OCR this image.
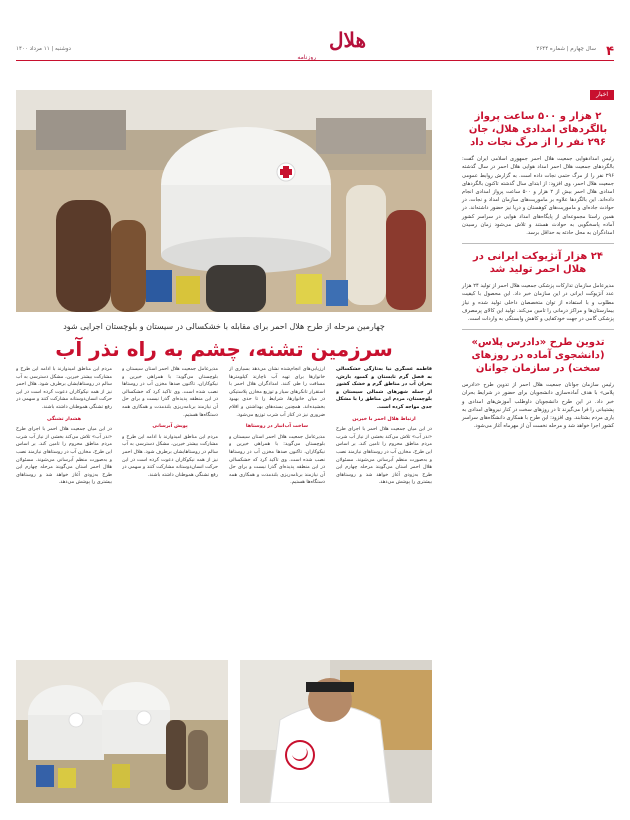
۴
سال چهارم | شماره ۲۶۴۴
هلال
روزنامه
دوشنبه | ۱۱ مرداد ۱۴۰۰
اخبار
۲ هزار و ۵۰۰ ساعت پرواز بالگردهای امدادی هلال، جان ۲۹۶ نفر را از مرگ نجات داد
رئیس امدادهوایی جمعیت هلال احمر جمهوری اسلامی ایران گفت: بالگردهای جمعیت هلال احمر امداد هوایی هلال احمر در سال گذشته ۲۹۶ نفر را از مرگ حتمی نجات داده است. به گزارش روابط عمومی جمعیت هلال احمر، وی افزود: از ابتدای سال گذشته تاکنون بالگردهای امدادی هلال احمر بیش از ۲ هزار و ۵۰۰ ساعت پرواز امدادی انجام داده‌اند. این بالگردها علاوه بر ماموریت‌های سازمان امداد و نجات، در حوادث جاده‌ای و ماموریت‌های کوهستان و دریا نیز حضور داشته‌اند. در همین راستا مجموعه‌ای از پایگاه‌های امداد هوایی در سراسر کشور آماده پاسخگویی به حوادث هستند و تلاش می‌شود زمان رسیدن امدادگران به محل حادثه به حداقل برسد.
۲۴ هزار آنژیوکت ایرانی در هلال احمر تولید شد
مدیرعامل سازمان تدارکات پزشکی جمعیت هلال احمر از تولید ۲۴ هزار عدد آنژیوکت ایرانی در این سازمان خبر داد. این محصول با کیفیت مطلوب و با استفاده از توان متخصصان داخلی تولید شده و نیاز بیمارستان‌ها و مراکز درمانی را تامین می‌کند. تولید این کالای پرمصرف پزشکی گامی در جهت خودکفایی و کاهش وابستگی به واردات است.
تدوین طرح «دادرس پلاس» (دانشجوی آماده در روزهای سخت) در سازمان جوانان
رئیس سازمان جوانان جمعیت هلال احمر از تدوین طرح «دادرس پلاس» با هدف آماده‌سازی دانشجویان برای حضور در شرایط بحران خبر داد. در این طرح دانشجویان داوطلب آموزش‌های امدادی و پشتیبانی را فرا می‌گیرند تا در روزهای سخت در کنار نیروهای امدادی به یاری مردم بشتابند. وی افزود: این طرح با همکاری دانشگاه‌های سراسر کشور اجرا خواهد شد و مرحله نخست آن از مهرماه آغاز می‌شود.
چهارمین مرحله از طرح هلال احمر برای مقابله با خشکسالی در سیستان و بلوچستان اجرایی شود
سرزمین تشنه، چشم به راه نذر آب
فاطمه عسگری نیا به‌تازگی خشکسالی به فصل گرم تابستان و کمبود بارش، بحران آب در مناطق گرم و خشک کشور از جمله شهرهای شمالی سیستان و بلوچستان، مردم این مناطق را با مشکل جدی مواجه کرده است.
ارتباط هلال احمر با خیرین
در این میان جمعیت هلال احمر با اجرای طرح «نذر آب» تلاش می‌کند بخشی از نیاز آب شرب مردم مناطق محروم را تامین کند. بر اساس این طرح، مخازن آب در روستاهای نیازمند نصب و به‌صورت منظم آبرسانی می‌شوند. مسئولان هلال احمر استان می‌گویند مرحله چهارم این طرح به‌زودی آغاز خواهد شد و روستاهای بیشتری را پوشش می‌دهد.
ارزیابی‌های انجام‌شده نشان می‌دهد بسیاری از خانوارها برای تهیه آب ناچارند کیلومترها مسافت را طی کنند. امدادگران هلال احمر با استقرار تانکرهای سیار و توزیع مخازن پلاستیکی در میان خانوارها، شرایط را تا حدی بهبود بخشیده‌اند. همچنین بسته‌های بهداشتی و اقلام ضروری نیز در کنار آب شرب توزیع می‌شود.
ساخت آب‌انبار در روستاها
مدیرعامل جمعیت هلال احمر استان سیستان و بلوچستان می‌گوید: با همراهی خیرین و نیکوکاران، تاکنون صدها مخزن آب در روستاها نصب شده است. وی تاکید کرد که خشکسالی در این منطقه پدیده‌ای گذرا نیست و برای حل آن نیازمند برنامه‌ریزی بلندمدت و همکاری همه دستگاه‌ها هستیم.
مدیرعامل جمعیت هلال احمر استان سیستان و بلوچستان می‌گوید: با همراهی خیرین و نیکوکاران، تاکنون صدها مخزن آب در روستاها نصب شده است. وی تاکید کرد که خشکسالی در این منطقه پدیده‌ای گذرا نیست و برای حل آن نیازمند برنامه‌ریزی بلندمدت و همکاری همه دستگاه‌ها هستیم.
پویش آبرسانی
مردم این مناطق امیدوارند با ادامه این طرح و مشارکت بیشتر خیرین، مشکل دسترسی به آب سالم در روستاهایشان برطرف شود. هلال احمر نیز از همه نیکوکاران دعوت کرده است در این حرکت انسان‌دوستانه مشارکت کنند و سهمی در رفع تشنگی هموطنان داشته باشند.
مردم این مناطق امیدوارند با ادامه این طرح و مشارکت بیشتر خیرین، مشکل دسترسی به آب سالم در روستاهایشان برطرف شود. هلال احمر نیز از همه نیکوکاران دعوت کرده است در این حرکت انسان‌دوستانه مشارکت کنند و سهمی در رفع تشنگی هموطنان داشته باشند.
هشدار تشنگی
در این میان جمعیت هلال احمر با اجرای طرح «نذر آب» تلاش می‌کند بخشی از نیاز آب شرب مردم مناطق محروم را تامین کند. بر اساس این طرح، مخازن آب در روستاهای نیازمند نصب و به‌صورت منظم آبرسانی می‌شوند. مسئولان هلال احمر استان می‌گویند مرحله چهارم این طرح به‌زودی آغاز خواهد شد و روستاهای بیشتری را پوشش می‌دهد.
